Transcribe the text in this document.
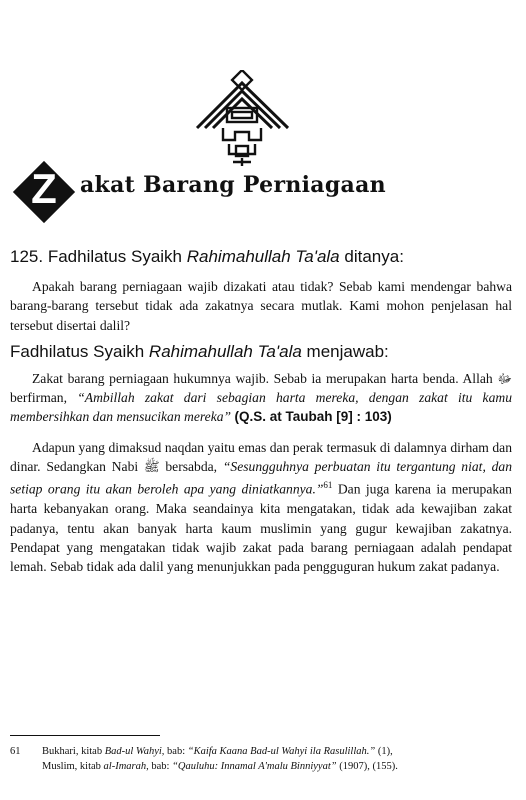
Z	akat Barang Perniagaan
125. Fadhilatus Syaikh Rahimahullah Ta'ala ditanya:

Apakah barang perniagaan wajib dizakati atau tidak? Sebab kami mendengar bahwa barang-barang tersebut tidak ada zakatnya secara mutlak. Kami mohon penjelasan hal tersebut disertai dalil?

Fadhilatus Syaikh Rahimahullah Ta'ala menjawab:

Zakat barang perniagaan hukumnya wajib. Sebab ia merupakan harta benda. Allah ﷻ berfirman, “Ambillah zakat dari sebagian harta mereka, dengan zakat itu kamu membersihkan dan mensucikan mereka” (Q.S. at Taubah [9] : 103)

Adapun yang dimaksud naqdan yaitu emas dan perak termasuk di dalamnya dirham dan dinar. Sedangkan Nabi ﷺ bersabda, “Sesungguhnya perbuatan itu tergantung niat, dan setiap orang itu akan beroleh apa yang diniatkannya.”$^{61}$ Dan juga karena ia merupakan harta kebanyakan orang. Maka seandainya kita mengatakan, tidak ada kewajiban zakat padanya, tentu akan banyak harta kaum muslimin yang gugur kewajiban zakatnya. Pendapat yang mengatakan tidak wajib zakat pada barang perniagaan adalah pendapat lemah. Sebab tidak ada dalil yang menunjukkan pada pengguguran hukum zakat padanya.

61 Bukhari, kitab Bad-ul Wahyi, bab: “Kaifa Kaana Bad-ul Wahyi ila Rasulillah.” (1),
Muslim, kitab al-Imarah, bab: “Qauluhu: Innamal A'malu Binniyyat” (1907), (155).
